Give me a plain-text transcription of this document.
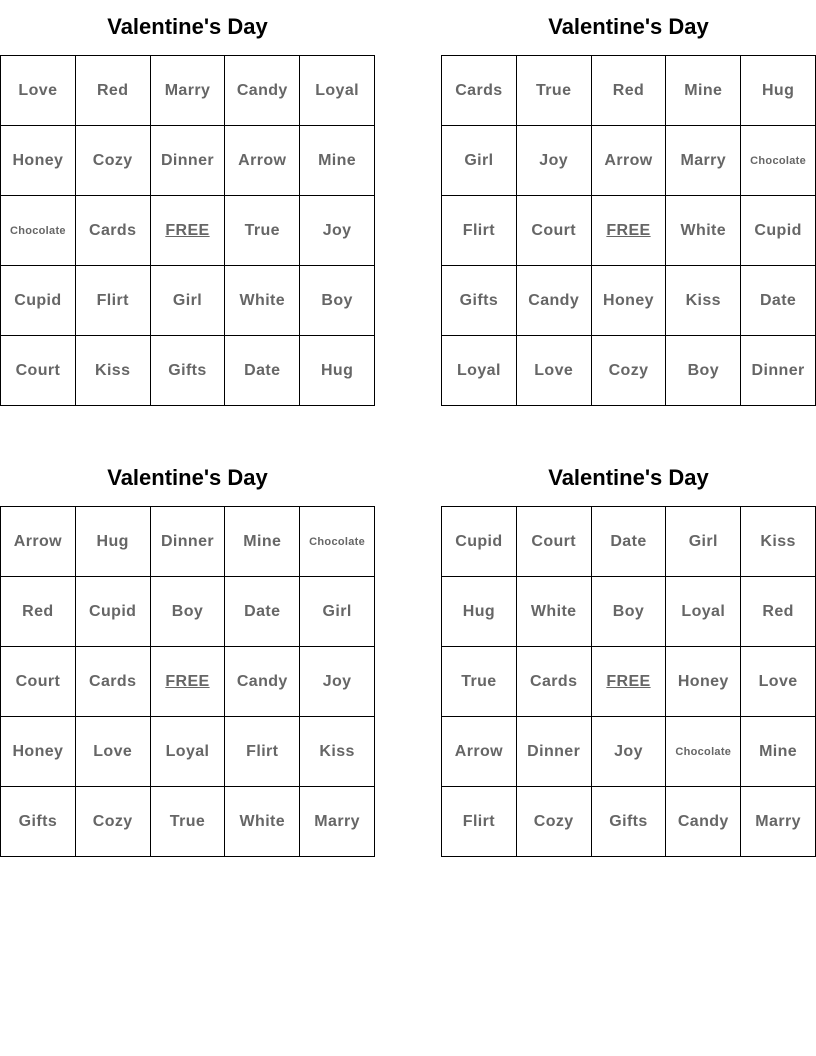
Valentine's Day
Love	Red	Marry	Candy	Loyal
Honey	Cozy	Dinner	Arrow	Mine
Chocolate	Cards	FREE	True	Joy
Cupid	Flirt	Girl	White	Boy
Court	Kiss	Gifts	Date	Hug
Valentine's Day
Cards	True	Red	Mine	Hug
Girl	Joy	Arrow	Marry	Chocolate
Flirt	Court	FREE	White	Cupid
Gifts	Candy	Honey	Kiss	Date
Loyal	Love	Cozy	Boy	Dinner
Valentine's Day
Arrow	Hug	Dinner	Mine	Chocolate
Red	Cupid	Boy	Date	Girl
Court	Cards	FREE	Candy	Joy
Honey	Love	Loyal	Flirt	Kiss
Gifts	Cozy	True	White	Marry
Valentine's Day
Cupid	Court	Date	Girl	Kiss
Hug	White	Boy	Loyal	Red
True	Cards	FREE	Honey	Love
Arrow	Dinner	Joy	Chocolate	Mine
Flirt	Cozy	Gifts	Candy	Marry
